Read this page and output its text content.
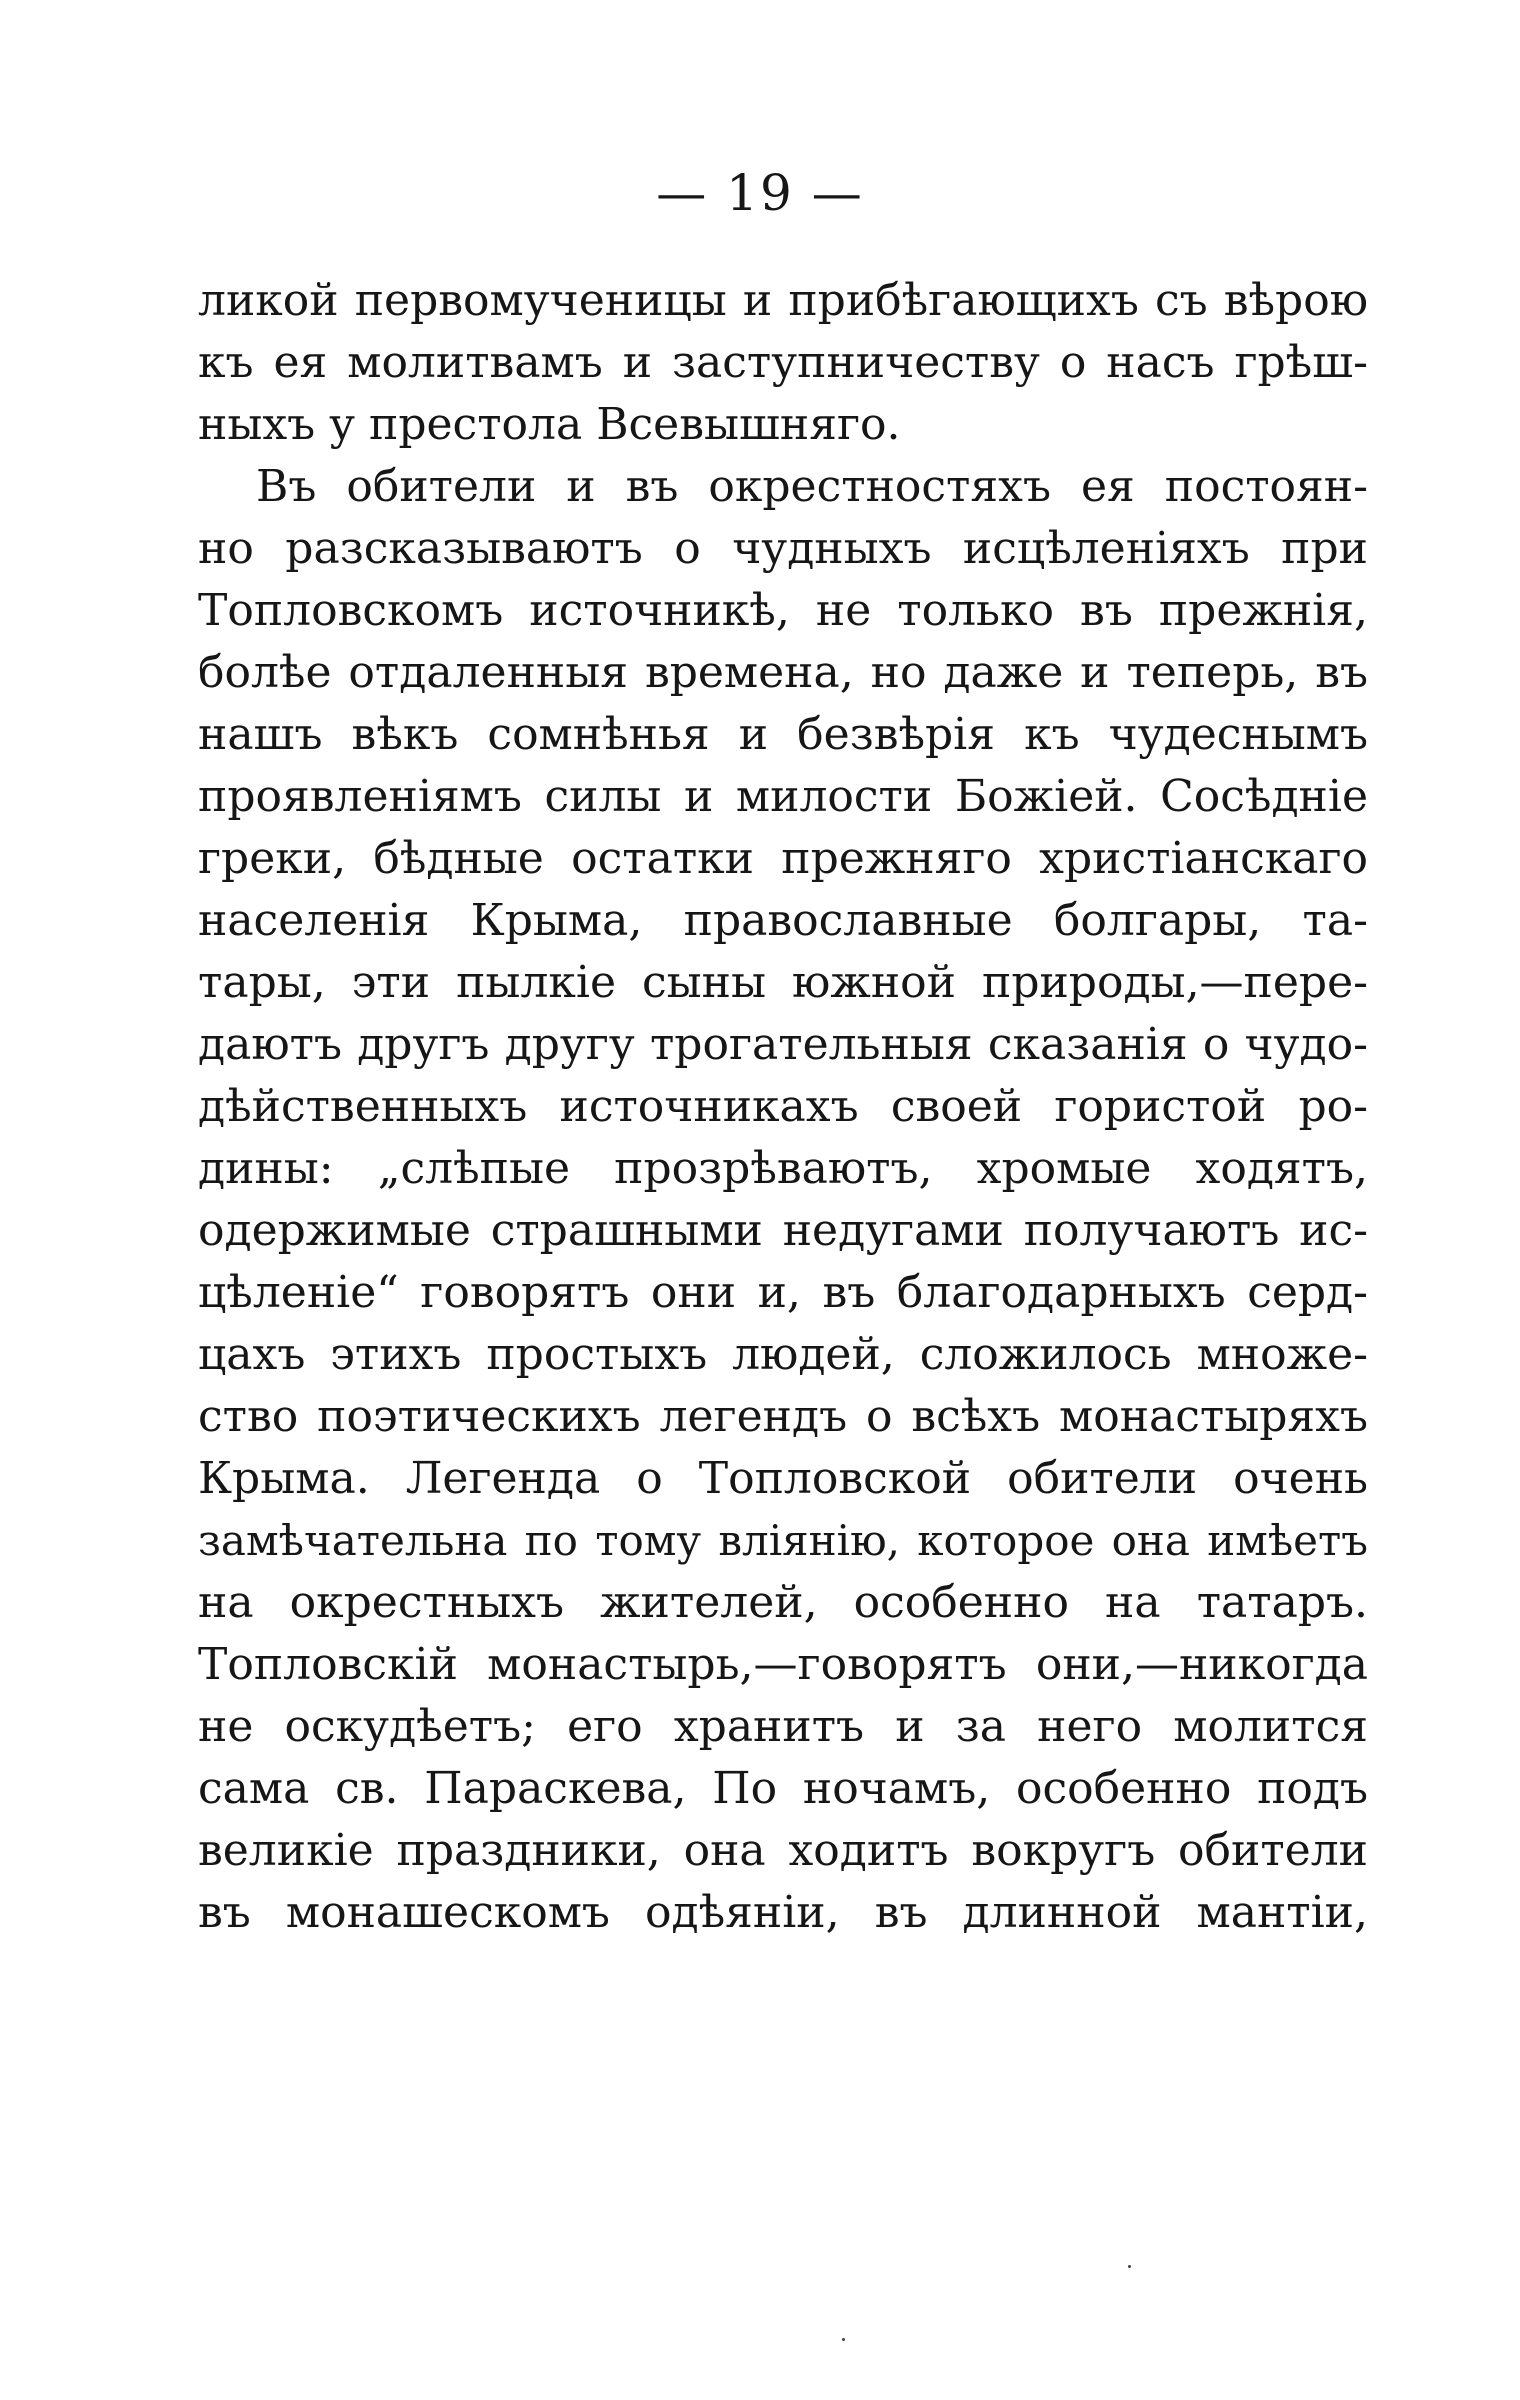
— 19 —
ликой первомученицы и прибѣгающихъ съ вѣрою
къ ея молитвамъ и заступничеству о насъ грѣш-
ныхъ у престола Всевышняго.
Въ обители и въ окрестностяхъ ея постоян-
но разсказываютъ о чудныхъ исцѣленіяхъ при
Топловскомъ источникѣ, не только въ прежнія,
болѣе отдаленныя времена, но даже и теперь, въ
нашъ вѣкъ сомнѣнья и безвѣрія къ чудеснымъ
проявленіямъ силы и милости Божіей. Сосѣдніе
греки, бѣдные остатки прежняго христіанскаго
населенія Крыма, православные болгары, та-
тары, эти пылкіе сыны южной природы,—пере-
даютъ другъ другу трогательныя сказанія о чудо-
дѣйственныхъ источникахъ своей гористой ро-
дины: „слѣпые прозрѣваютъ, хромые ходятъ,
одержимые страшными недугами получаютъ ис-
цѣленіе“ говорятъ они и, въ благодарныхъ серд-
цахъ этихъ простыхъ людей, сложилось множе-
ство поэтическихъ легендъ о всѣхъ монастыряхъ
Крыма. Легенда о Топловской обители очень
замѣчательна по тому вліянію, которое она имѣетъ
на окрестныхъ жителей, особенно на татаръ.
Топловскій монастырь,—говорятъ они,—никогда
не оскудѣетъ; его хранитъ и за него молится
сама св. Параскева, По ночамъ, особенно подъ
великіе праздники, она ходитъ вокругъ обители
въ монашескомъ одѣяніи, въ длинной мантіи,
